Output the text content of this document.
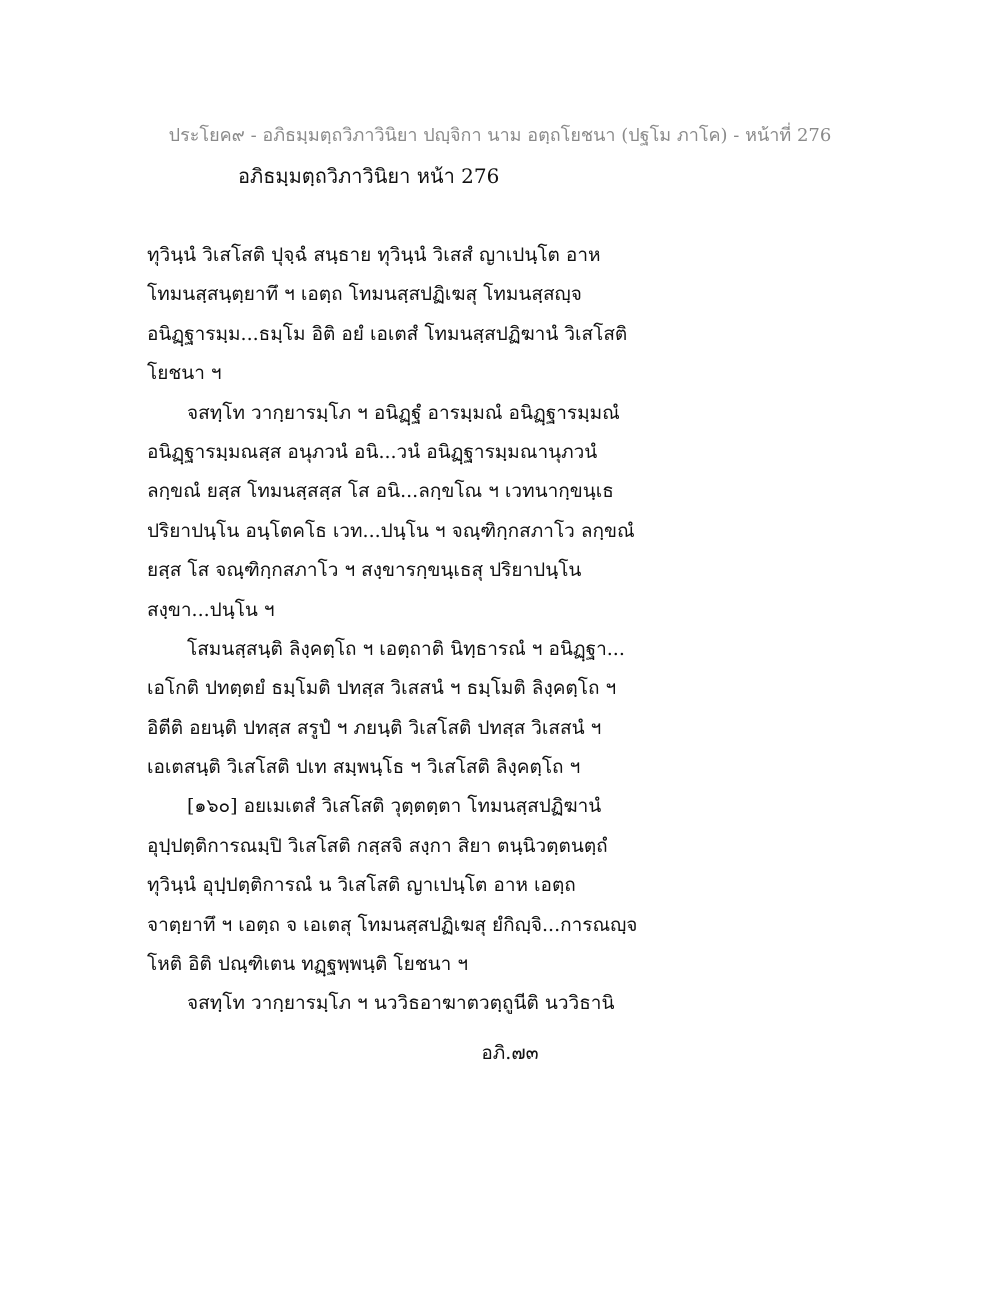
ประโยค๙ - อภิธมฺมตฺถวิภาวินิยา ปญฺจิกา นาม อตฺถโยชนา (ปฐโม ภาโค) - หน้าที่ 276
อภิธมฺมตฺถวิภาวินิยา หน้า 276
ทุวินฺนํ วิเสโสติ ปุจฺฉํ สนฺธาย ทุวินฺนํ วิเสสํ ญาเปนฺโต อาห
โทมนสฺสนฺตฺยาทึ ฯ เอตฺถ โทมนสฺสปฏิเฆสุ โทมนสฺสญฺจ
อนิฏฺฐารมฺม...ธมฺโม อิติ อยํ เอเตสํ โทมนสฺสปฏิฆานํ วิเสโสติ
โยชนา ฯ
จสทฺโท วากฺยารมฺโภ ฯ อนิฏฺฐํ อารมฺมณํ อนิฏฺฐารมฺมณํ
อนิฏฺฐารมฺมณสฺส อนุภวนํ อนิ...วนํ อนิฏฺฐารมฺมณานุภวนํ
ลกฺขณํ ยสฺส โทมนสฺสสฺส โส อนิ...ลกฺขโณ ฯ เวทนากฺขนฺเธ
ปริยาปนฺโน อนฺโตคโธ เวท...ปนฺโน ฯ จณฺฑิกฺกสภาโว ลกฺขณํ
ยสฺส โส จณฺฑิกฺกสภาโว ฯ สงฺขารกฺขนฺเธสุ ปริยาปนฺโน
สงฺขา...ปนฺโน ฯ
โสมนสฺสนฺติ ลิงฺคตฺโถ ฯ เอตฺถาติ นิทฺธารณํ ฯ อนิฏฺฐา...
เอโกติ ปทตฺตยํ ธมฺโมติ ปทสฺส วิเสสนํ ฯ ธมฺโมติ ลิงฺคตฺโถ ฯ
อิตีติ อยนฺติ ปทสฺส สรูปํ ฯ ภยนฺติ วิเสโสติ ปทสฺส วิเสสนํ ฯ
เอเตสนฺติ วิเสโสติ ปเท สมฺพนฺโธ ฯ วิเสโสติ ลิงฺคตฺโถ ฯ
[๑๖๐] อยเมเตสํ วิเสโสติ วุตฺตตฺตา โทมนสฺสปฏิฆานํ
อุปฺปตฺติการณมฺปิ วิเสโสติ กสฺสจิ สงฺกา สิยา ตนฺนิวตฺตนตฺถํ
ทุวินฺนํ อุปฺปตฺติการณํ น วิเสโสติ ญาเปนฺโต อาห เอตฺถ
จาตฺยาทึ ฯ เอตฺถ จ เอเตสุ โทมนสฺสปฏิเฆสุ ยํกิญฺจิ...การณญฺจ
โหติ อิติ ปณฺฑิเตน ทฏฺฐพฺพนฺติ โยชนา ฯ
จสทฺโท วากฺยารมฺโภ ฯ นววิธอาฆาตวตฺถูนีติ นววิธานิ
อภิ.๗๓
